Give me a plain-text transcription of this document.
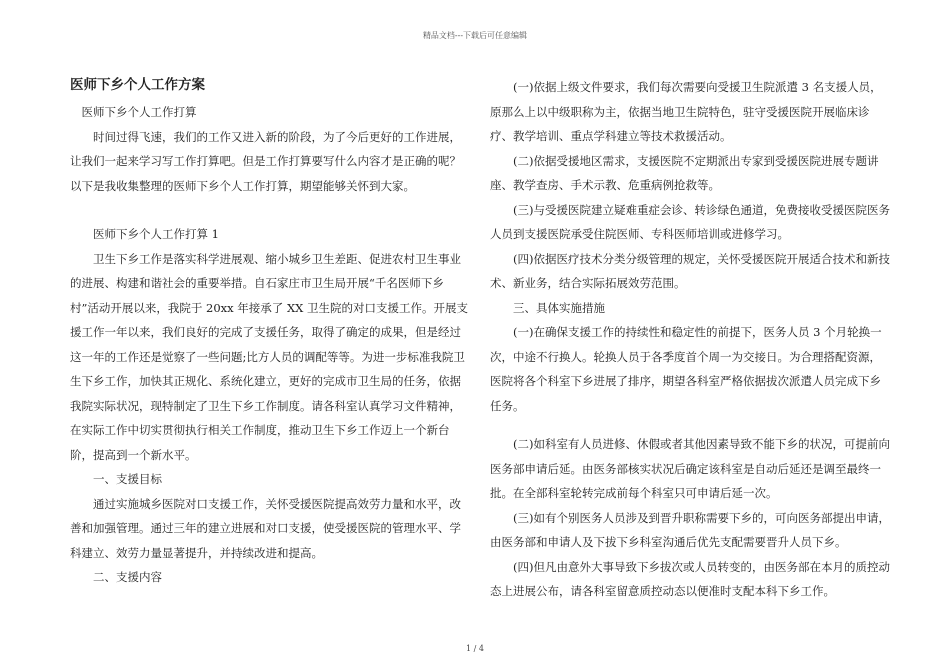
精品文档---下载后可任意编辑
医师下乡个人工作方案

医师下乡个人工作打算

时间过得飞速，我们的工作又进入新的阶段，为了今后更好的工作进展，让我们一起来学习写工作打算吧。但是工作打算要写什么内容才是正确的呢？以下是我收集整理的医师下乡个人工作打算，期望能够关怀到大家。

医师下乡个人工作打算 1

卫生下乡工作是落实科学进展观、缩小城乡卫生差距、促进农村卫生事业的进展、构建和谐社会的重要举措。自石家庄市卫生局开展“千名医师下乡村”活动开展以来，我院于 20xx 年接承了 XX 卫生院的对口支援工作。开展支援工作一年以来，我们良好的完成了支援任务，取得了确定的成果，但是经过这一年的工作还是觉察了一些问题;比方人员的调配等等。为进一步标准我院卫生下乡工作，加快其正规化、系统化建立，更好的完成市卫生局的任务，依据我院实际状况，现特制定了卫生下乡工作制度。请各科室认真学习文件精神，在实际工作中切实贯彻执行相关工作制度，推动卫生下乡工作迈上一个新台阶，提高到一个新水平。

一、支援目标

通过实施城乡医院对口支援工作，关怀受援医院提高效劳力量和水平，改善和加强管理。通过三年的建立进展和对口支援，使受援医院的管理水平、学科建立、效劳力量显著提升，并持续改进和提高。

二、支援内容

(一)依据上级文件要求，我们每次需要向受援卫生院派遣 3 名支援人员，原那么上以中级职称为主，依据当地卫生院特色，驻守受援医院开展临床诊疗、教学培训、重点学科建立等技术救援活动。

(二)依据受援地区需求，支援医院不定期派出专家到受援医院进展专题讲座、教学查房、手术示教、危重病例抢救等。

(三)与受援医院建立疑难重症会诊、转诊绿色通道，免费接收受援医院医务人员到支援医院承受住院医师、专科医师培训或进修学习。

(四)依据医疗技术分类分级管理的规定，关怀受援医院开展适合技术和新技术、新业务，结合实际拓展效劳范围。

三、具体实施措施

(一)在确保支援工作的持续性和稳定性的前提下，医务人员 3 个月轮换一次，中途不行换人。轮换人员于各季度首个周一为交接日。为合理搭配资源，医院将各个科室下乡进展了排序，期望各科室严格依据拔次派遣人员完成下乡任务。

(二)如科室有人员进修、休假或者其他因素导致不能下乡的状况，可提前向医务部申请后延。由医务部核实状况后确定该科室是自动后延还是调至最终一批。在全部科室轮转完成前每个科室只可申请后延一次。

(三)如有个别医务人员涉及到晋升职称需要下乡的，可向医务部提出申请，由医务部和申请人及下拔下乡科室沟通后优先支配需要晋升人员下乡。

(四)但凡由意外大事导致下乡拔次或人员转变的，由医务部在本月的质控动态上进展公布，请各科室留意质控动态以便准时支配本科下乡工作。

1 / 4
